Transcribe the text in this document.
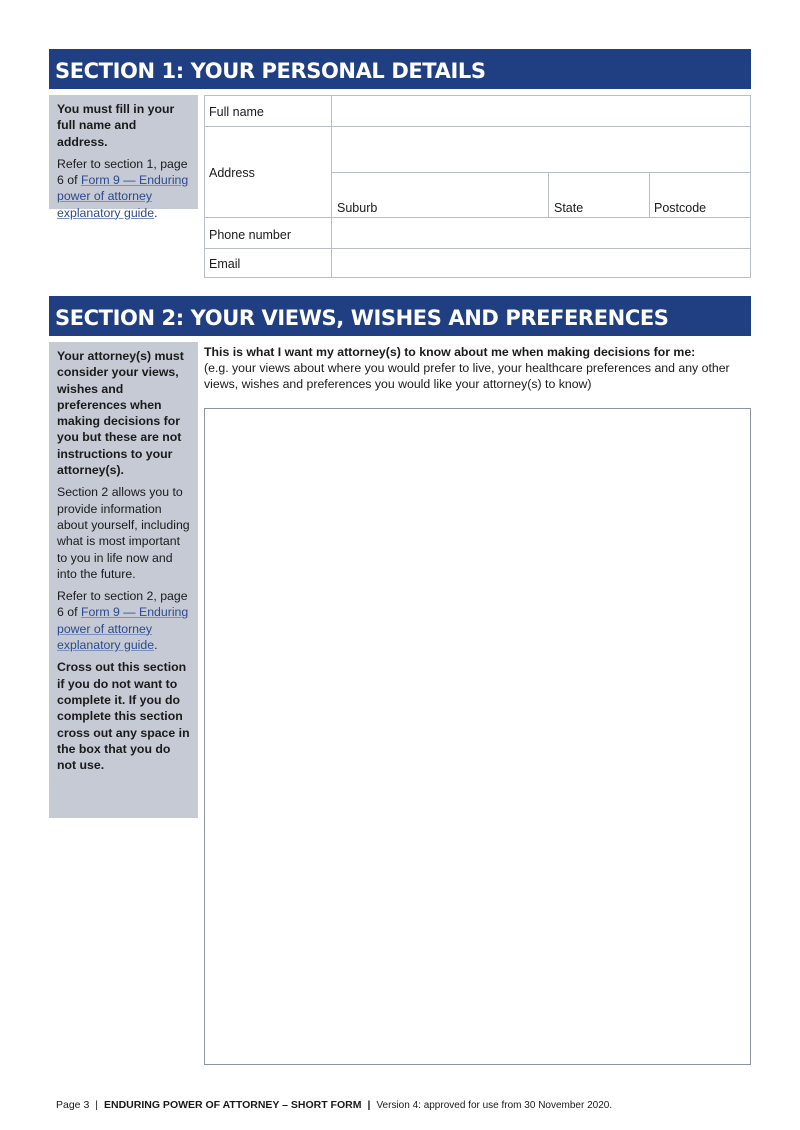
SECTION 1: YOUR PERSONAL DETAILS

You must fill in your full name and address.

Refer to section 1, page 6 of Form 9 — Enduring power of attorney explanatory guide.

Full name
Address
Suburb	State	Postcode
Phone number
Email
SECTION 2: YOUR VIEWS, WISHES AND PREFERENCES

Your attorney(s) must consider your views, wishes and preferences when making decisions for you but these are not instructions to your attorney(s).

Section 2 allows you to provide information about yourself, including what is most important to you in life now and into the future.

Refer to section 2, page 6 of Form 9 — Enduring power of attorney explanatory guide.

Cross out this section if you do not want to complete it. If you do complete this section cross out any space in the box that you do not use.

This is what I want my attorney(s) to know about me when making decisions for me:
(e.g. your views about where you would prefer to live, your healthcare preferences and any other views, wishes and preferences you would like your attorney(s) to know)
Page 3 | ENDURING POWER OF ATTORNEY – SHORT FORM | Version 4: approved for use from 30 November 2020.
